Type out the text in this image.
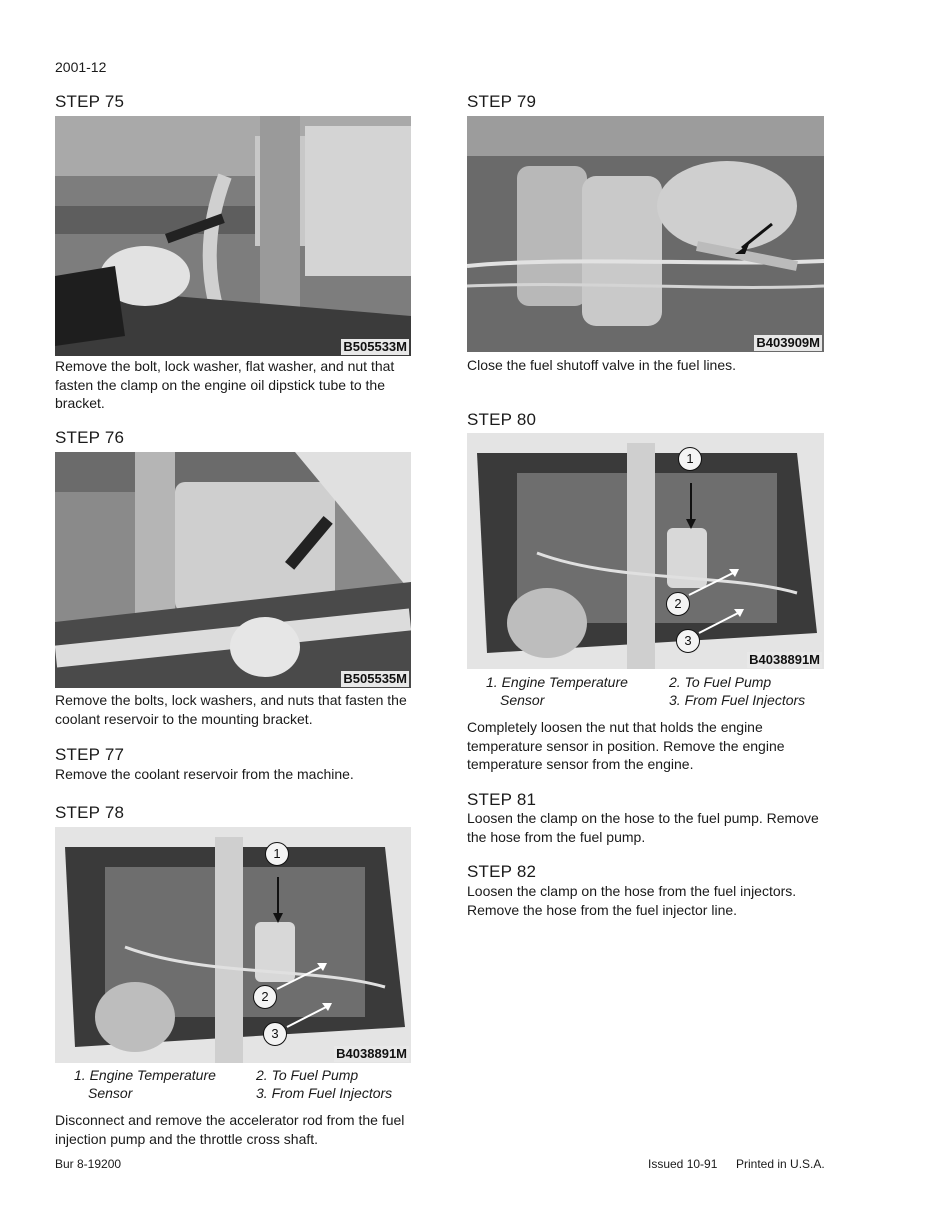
2001-12
STEP 75
B505533M
Remove the bolt, lock washer, flat washer, and nut that fasten the clamp on the engine oil dipstick tube to the bracket.
STEP 76
B505535M
Remove the bolts, lock washers, and nuts that fasten the coolant reservoir to the mounting bracket.
STEP 77
Remove the coolant reservoir from the machine.
STEP 78
1
2
3
B4038891M
1. Engine Temperature
Sensor
2. To Fuel Pump
3. From Fuel Injectors
Disconnect and remove the accelerator rod from the fuel injection pump and the throttle cross shaft.
STEP 79
B403909M
Close the fuel shutoff valve in the fuel lines.
STEP 80
1
2
3
B4038891M
1. Engine Temperature
Sensor
2. To Fuel Pump
3. From Fuel Injectors
Completely loosen the nut that holds the engine temperature sensor in position. Remove the engine temperature sensor from the engine.
STEP 81
Loosen the clamp on the hose to the fuel pump. Remove the hose from the fuel pump.
STEP 82
Loosen the clamp on the hose from the fuel injectors. Remove the hose from the fuel injector line.
Bur 8-19200	Issued 10-91 Printed in U.S.A.
